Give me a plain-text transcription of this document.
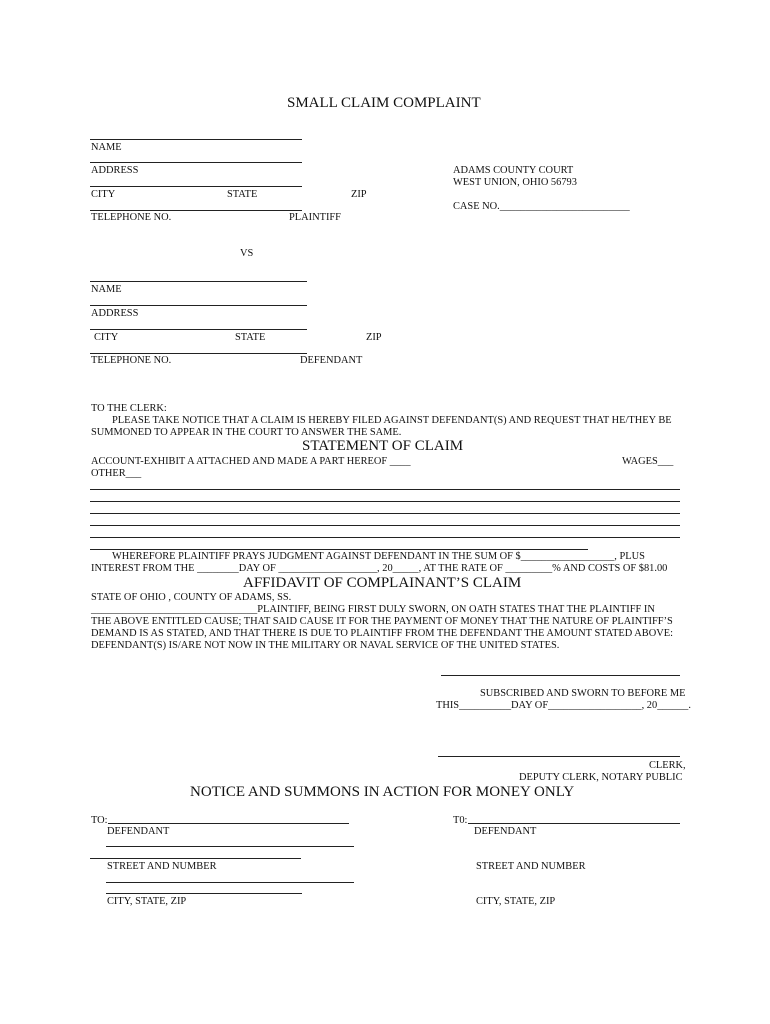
SMALL CLAIM COMPLAINT
NAME
ADDRESS
CITY	STATE	ZIP
TELEPHONE NO.	PLAINTIFF
ADAMS COUNTY COURT
WEST UNION, OHIO 56793
CASE NO._________________________
VS
NAME
ADDRESS
CITY	STATE	ZIP
TELEPHONE NO.	DEFENDANT
TO THE CLERK:
PLEASE TAKE NOTICE THAT A CLAIM IS HEREBY FILED AGAINST DEFENDANT(S) AND REQUEST THAT HE/THEY BE
SUMMONED TO APPEAR IN THE COURT TO ANSWER THE SAME.
STATEMENT OF CLAIM
ACCOUNT-EXHIBIT A ATTACHED AND MADE A PART HEREOF ____	WAGES___
OTHER___
WHEREFORE PLAINTIFF PRAYS JUDGMENT AGAINST DEFENDANT IN THE SUM OF $__________________, PLUS
INTEREST FROM THE ________DAY OF ___________________, 20_____, AT THE RATE OF _________% AND COSTS OF $81.00
AFFIDAVIT OF COMPLAINANT’S CLAIM
STATE OF OHIO , COUNTY OF ADAMS, SS.
________________________________PLAINTIFF, BEING FIRST DULY SWORN, ON OATH STATES THAT THE PLAINTIFF IN
THE ABOVE ENTITLED CAUSE; THAT SAID CAUSE IT FOR THE PAYMENT OF MONEY THAT THE NATURE OF PLAINTIFF’S
DEMAND IS AS STATED, AND THAT THERE IS DUE TO PLAINTIFF FROM THE DEFENDANT THE AMOUNT STATED ABOVE:
DEFENDANT(S) IS/ARE NOT NOW IN THE MILITARY OR NAVAL SERVICE OF THE UNITED STATES.
SUBSCRIBED AND SWORN TO BEFORE ME
THIS__________DAY OF__________________, 20______.
CLERK,
DEPUTY CLERK, NOTARY PUBLIC
NOTICE AND SUMMONS IN ACTION FOR MONEY ONLY
TO:
DEFENDANT
STREET AND NUMBER
CITY, STATE, ZIP
T0:
DEFENDANT
STREET AND NUMBER
CITY, STATE, ZIP
